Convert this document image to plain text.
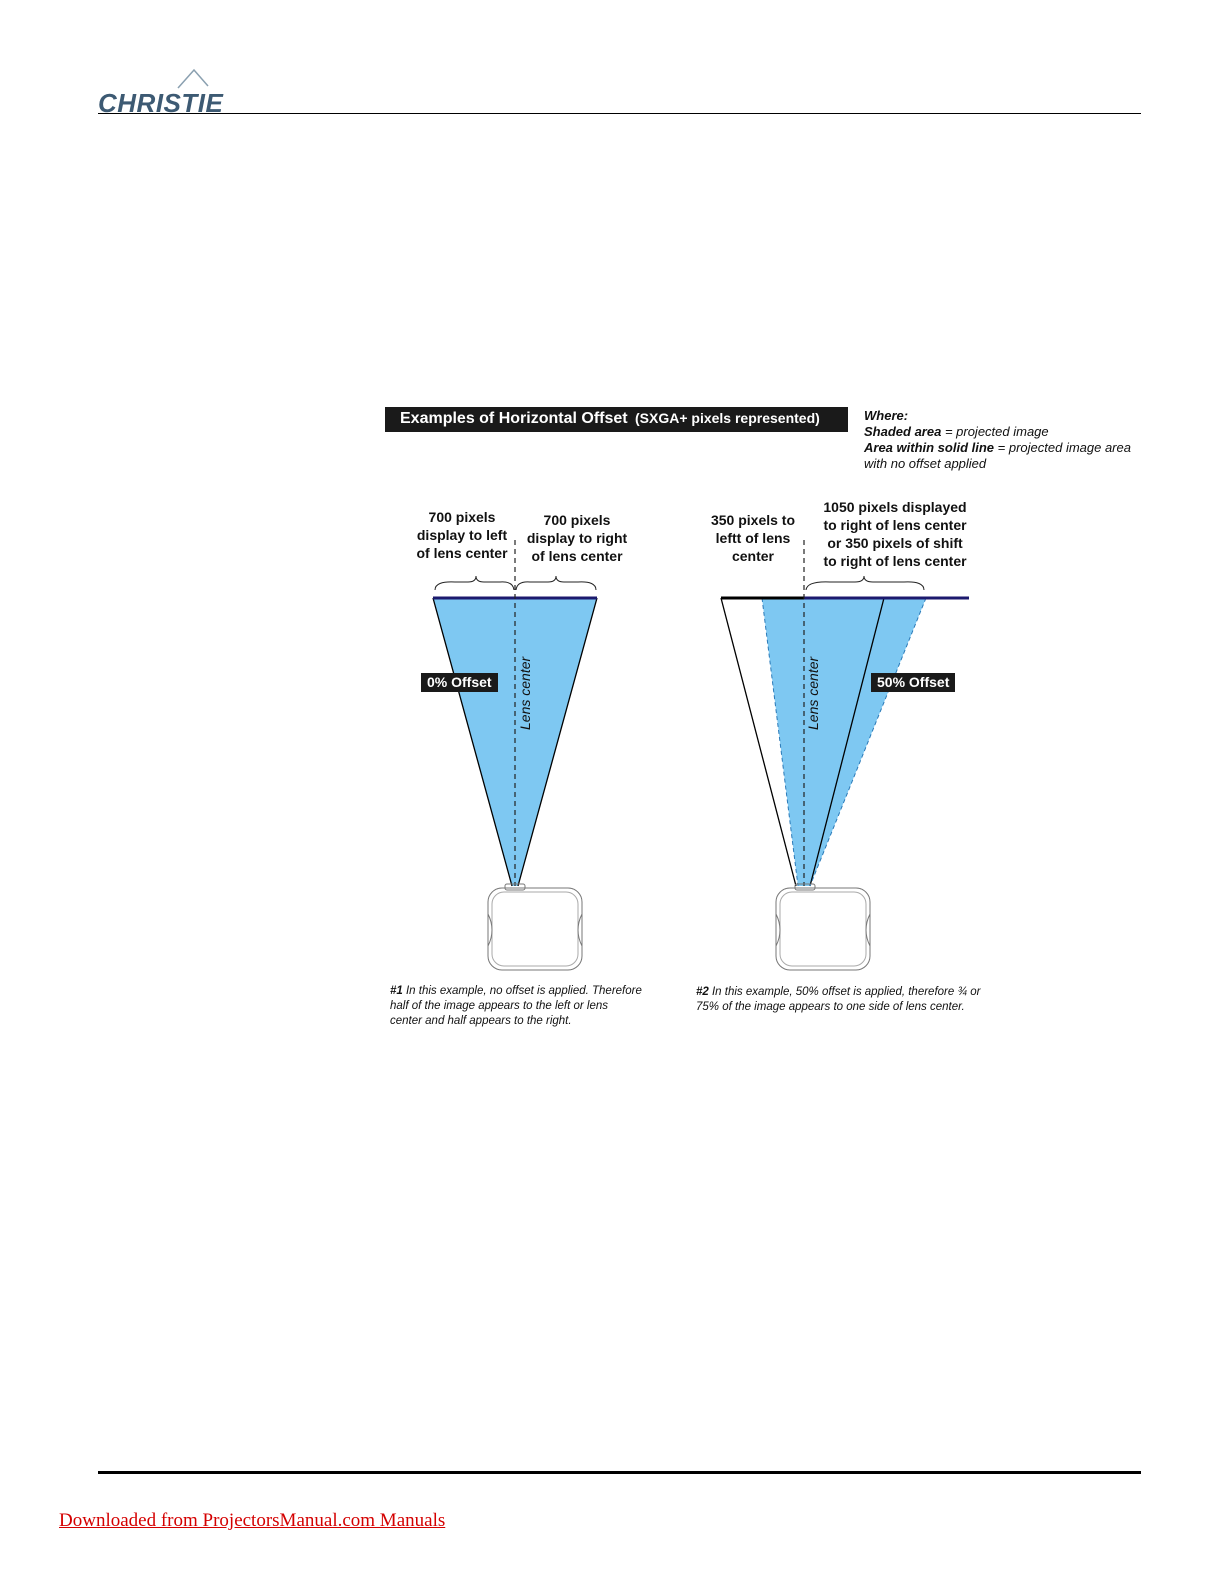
CHRISTIE
Examples of Horizontal Offset (SXGA+ pixels represented)	Where:
Shaded area = projected image
Area within solid line = projected image area
with no offset applied
Lens center	Lens center
700 pixels
display to left
of lens center
700 pixels
display to right
of lens center
0% Offset
350 pixels to
leftt of lens
center
1050 pixels displayed
to right of lens center
or 350 pixels of shift
to right of lens center
50% Offset
#1 In this example, no offset is applied. Therefore
half of the image appears to the left or lens
center and half appears to the right.
#2 In this example, 50% offset is applied, therefore ¾ or
75% of the image appears to one side of lens center.
Downloaded from ProjectorsManual.com Manuals
